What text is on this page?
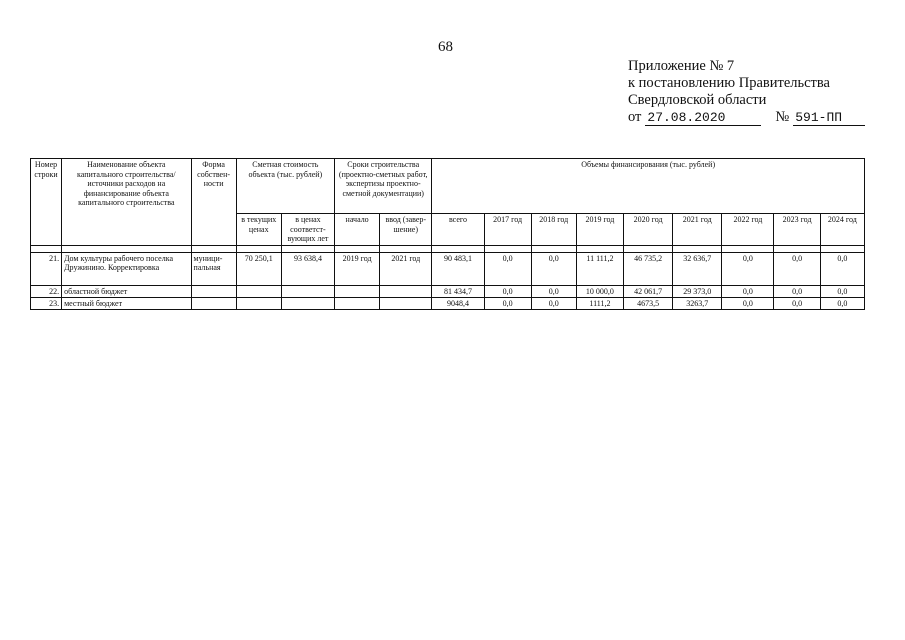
68
Приложение № 7
к постановлению Правительства
Свердловской области
от 27.08.2020	№ 591-ПП
Номер строки	Наименование объекта капитального строительства/ источники расходов на финансирование объекта капитального строительства	Форма собствен-ности	Сметная стоимость объекта (тыс. рублей)		Сроки строительства (проектно-сметных работ, экспертизы проектно-сметной документации)		Объемы финансирования (тыс. рублей)								
			в текущих ценах	в ценах соответст-вующих лет	начало	ввод (завер-шение)	всего	2017 год	2018 год	2019 год	2020 год	2021 год	2022 год	2023 год	2024 год

21.	Дом культуры рабочего поселка Дружинино. Корректировка	муници-пальная	70 250,1	93 638,4	2019 год	2021 год	90 483,1	0,0	0,0	11 111,2	46 735,2	32 636,7	0,0	0,0	0,0
22.	областной бюджет						81 434,7	0,0	0,0	10 000,0	42 061,7	29 373,0	0,0	0,0	0,0
23.	местный бюджет						9048,4	0,0	0,0	1111,2	4673,5	3263,7	0,0	0,0	0,0
